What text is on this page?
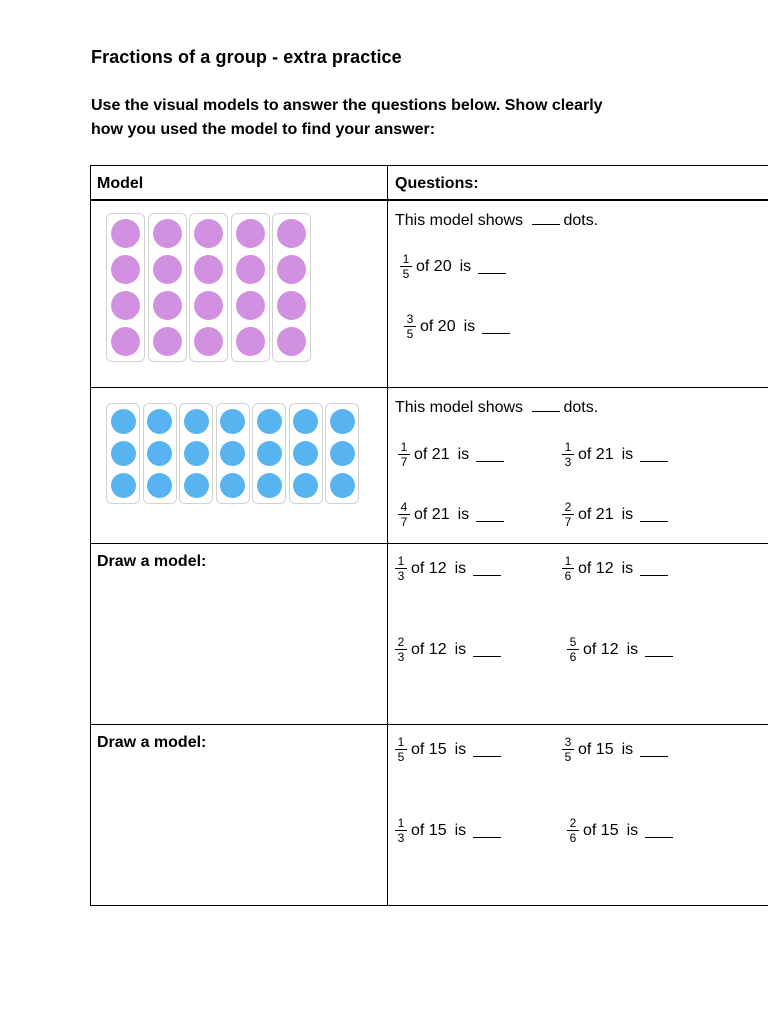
Fractions of a group - extra practice
Use the visual models to answer the questions below. Show clearly
how you used the model to find your answer:
Model	Questions:
This model shows	dots.
$\frac{1}{5}$ of 20 is
$\frac{3}{5}$ of 20 is
This model shows	dots.
$\frac{1}{7}$ of 21 is	$\frac{1}{3}$ of 21 is
$\frac{4}{7}$ of 21 is	$\frac{2}{7}$ of 21 is
Draw a model:	$\frac{1}{3}$ of 12 is	$\frac{1}{6}$ of 12 is
$\frac{2}{3}$ of 12 is	$\frac{5}{6}$ of 12 is
Draw a model:	$\frac{1}{5}$ of 15 is	$\frac{3}{5}$ of 15 is
$\frac{1}{3}$ of 15 is	$\frac{2}{6}$ of 15 is
